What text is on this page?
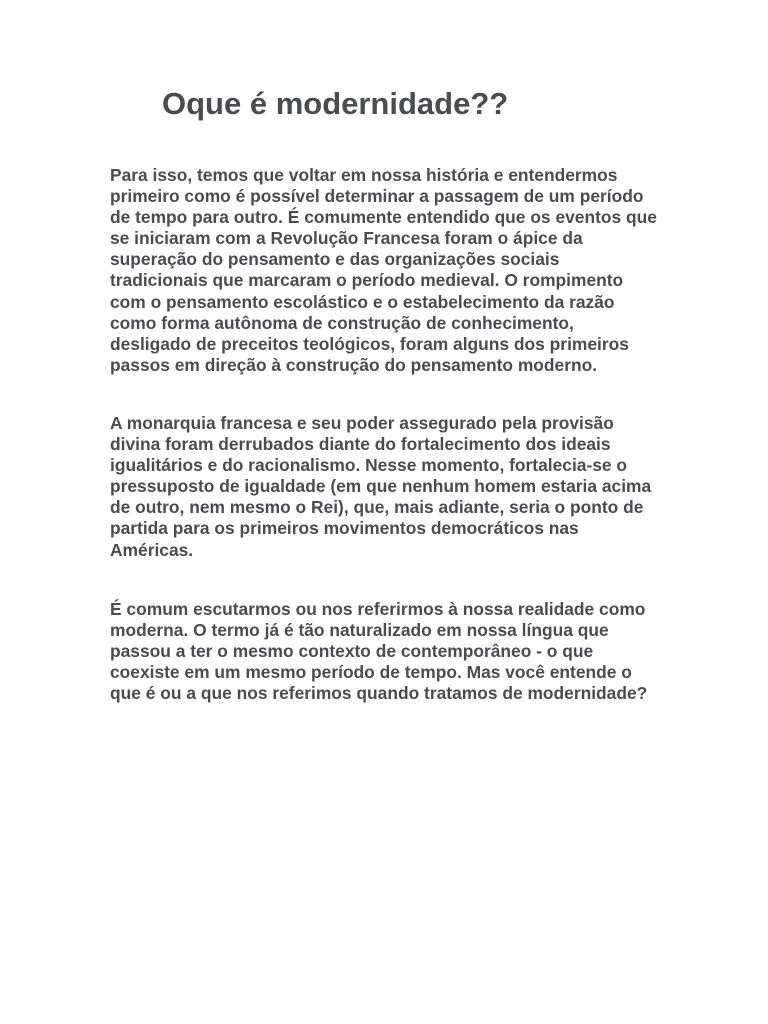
Oque é modernidade??

Para isso, temos que voltar em nossa história e entendermos primeiro como é possível determinar a passagem de um período de tempo para outro. É comumente entendido que os eventos que se iniciaram com a Revolução Francesa foram o ápice da superação do pensamento e das organizações sociais tradicionais que marcaram o período medieval. O rompimento com o pensamento escolástico e o estabelecimento da razão como forma autônoma de construção de conhecimento, desligado de preceitos teológicos, foram alguns dos primeiros passos em direção à construção do pensamento moderno.

A monarquia francesa e seu poder assegurado pela provisão divina foram derrubados diante do fortalecimento dos ideais igualitários e do racionalismo. Nesse momento, fortalecia-se o pressuposto de igualdade (em que nenhum homem estaria acima de outro, nem mesmo o Rei), que, mais adiante, seria o ponto de partida para os primeiros movimentos democráticos nas Américas.

É comum escutarmos ou nos referirmos à nossa realidade como moderna. O termo já é tão naturalizado em nossa língua que passou a ter o mesmo contexto de contemporâneo - o que coexiste em um mesmo período de tempo. Mas você entende o que é ou a que nos referimos quando tratamos de modernidade?
